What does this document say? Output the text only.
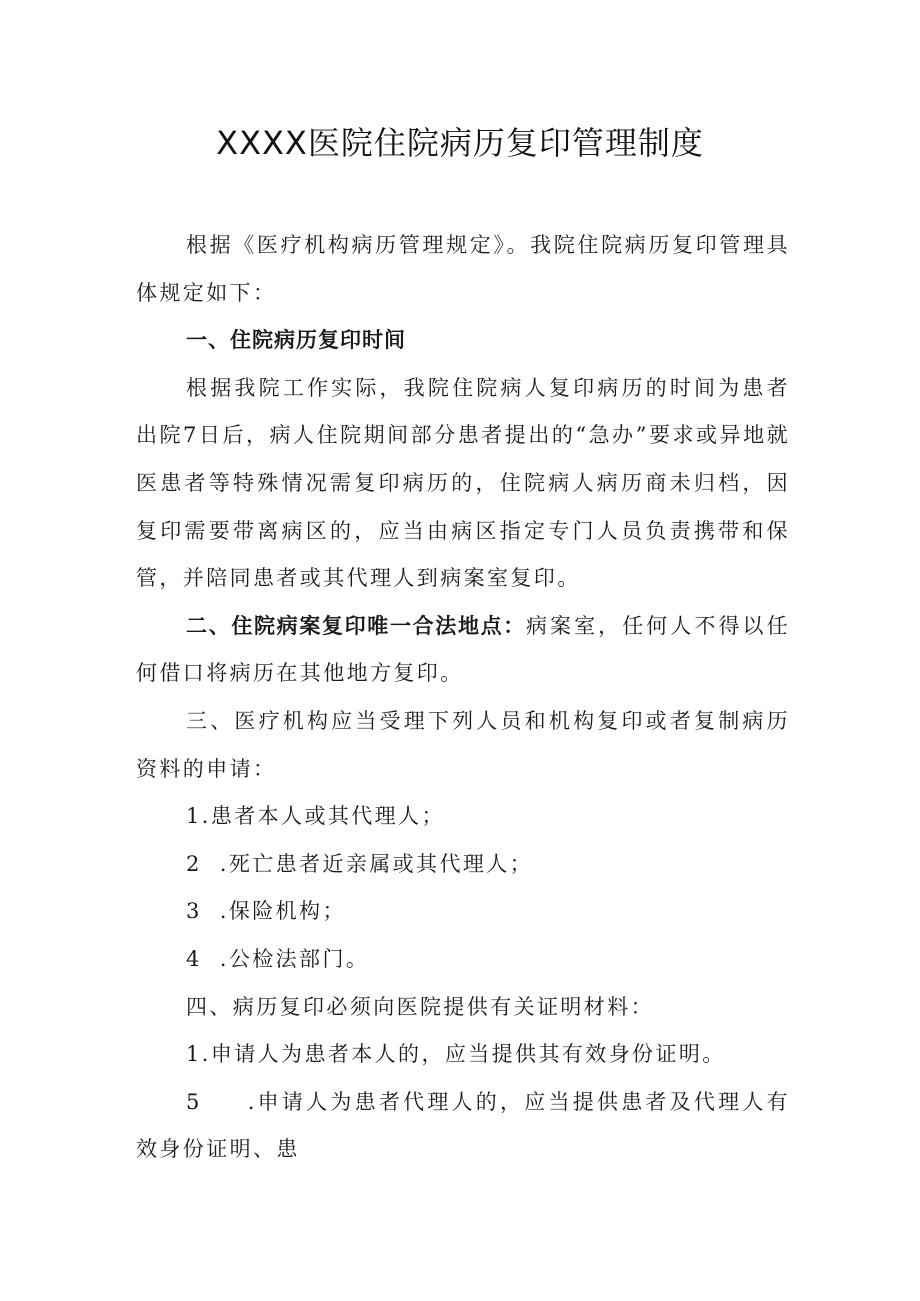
XXXX医院住院病历复印管理制度

根据《医疗机构病历管理规定》。我院住院病历复印管理具体规定如下：

一、住院病历复印时间

根据我院工作实际，我院住院病人复印病历的时间为患者出院7日后，病人住院期间部分患者提出的“急办”要求或异地就医患者等特殊情况需复印病历的，住院病人病历商未归档，因复印需要带离病区的，应当由病区指定专门人员负责携带和保管，并陪同患者或其代理人到病案室复印。

二、住院病案复印唯一合法地点：病案室，任何人不得以任何借口将病历在其他地方复印。

三、医疗机构应当受理下列人员和机构复印或者复制病历资料的申请：

1.患者本人或其代理人；

2 .死亡患者近亲属或其代理人；

3 .保险机构；

4 .公检法部门。

四、病历复印必须向医院提供有关证明材料：

1.申请人为患者本人的，应当提供其有效身份证明。

5 .申请人为患者代理人的，应当提供患者及代理人有效身份证明、患
